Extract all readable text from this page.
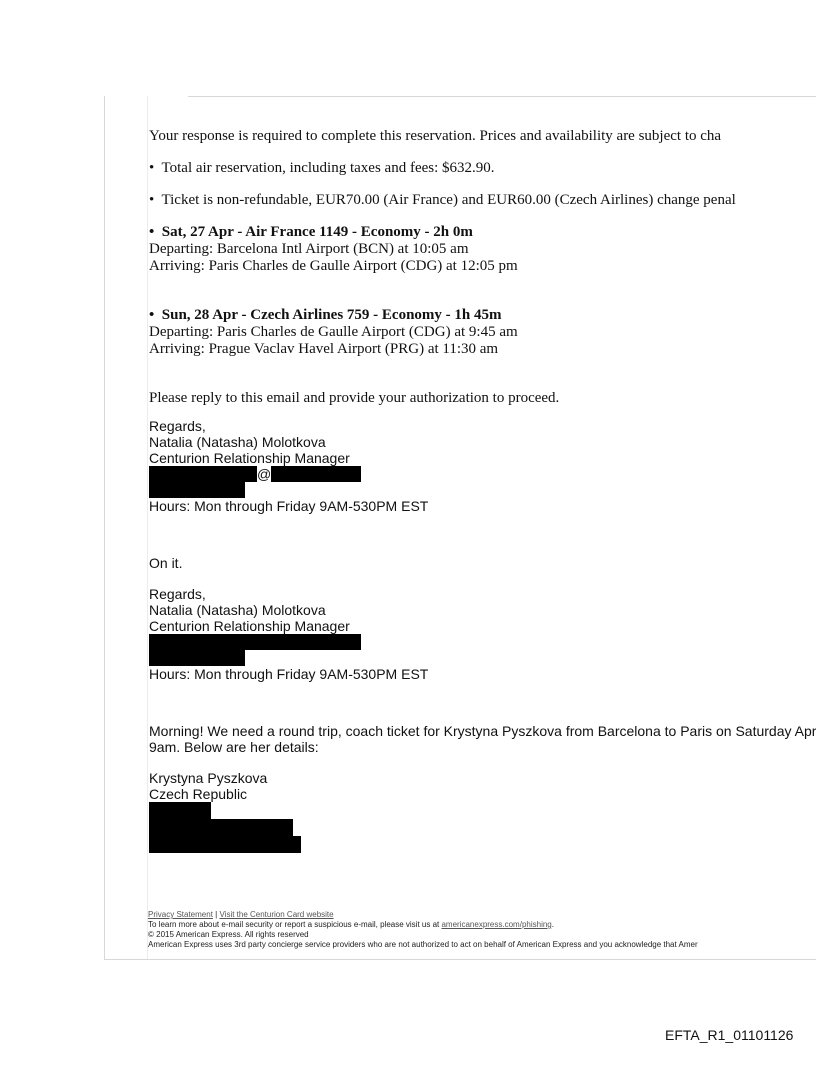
Your response is required to complete this reservation. Prices and availability are subject to cha
• Total air reservation, including taxes and fees: $632.90.
• Ticket is non-refundable, EUR70.00 (Air France) and EUR60.00 (Czech Airlines) change penal
• Sat, 27 Apr - Air France 1149 - Economy - 2h 0m
Departing: Barcelona Intl Airport (BCN) at 10:05 am
Arriving: Paris Charles de Gaulle Airport (CDG) at 12:05 pm
• Sun, 28 Apr - Czech Airlines 759 - Economy - 1h 45m
Departing: Paris Charles de Gaulle Airport (CDG) at 9:45 am
Arriving: Prague Vaclav Havel Airport (PRG) at 11:30 am
Please reply to this email and provide your authorization to proceed.
Regards,
Natalia (Natasha) Molotkova
Centurion Relationship Manager
@
Hours: Mon through Friday 9AM-530PM EST
On it.
Regards,
Natalia (Natasha) Molotkova
Centurion Relationship Manager
Hours: Mon through Friday 9AM-530PM EST
Morning! We need a round trip, coach ticket for Krystyna Pyszkova from Barcelona to Paris on Saturday Apr
9am. Below are her details:
Krystyna Pyszkova
Czech Republic
Privacy Statement | Visit the Centurion Card website
To learn more about e-mail security or report a suspicious e-mail, please visit us at americanexpress.com/phishing.
© 2015 American Express. All rights reserved
American Express uses 3rd party concierge service providers who are not authorized to act on behalf of American Express and you acknowledge that Amer
EFTA_R1_01101126
